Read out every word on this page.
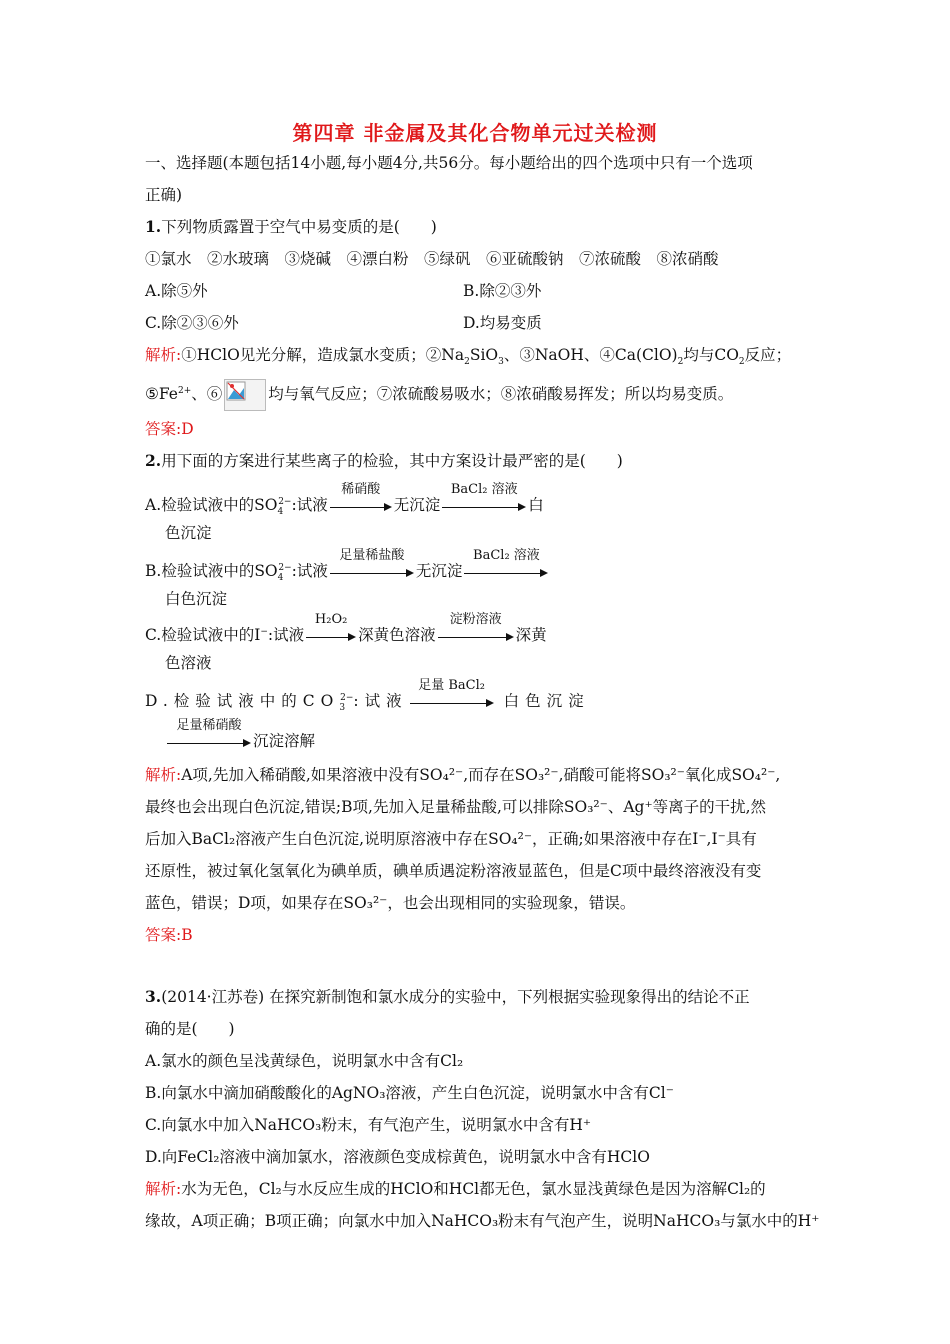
第四章 非金属及其化合物单元过关检测
一、选择题(本题包括14小题,每小题4分,共56分。每小题给出的四个选项中只有一个选项
正确)
1.下列物质露置于空气中易变质的是(　　)
①氯水　②水玻璃　③烧碱　④漂白粉　⑤绿矾　⑥亚硫酸钠　⑦浓硫酸　⑧浓硝酸
A.除⑤外	B.除②③外
C.除②③⑥外	D.均易变质
解析:①HClO见光分解，造成氯水变质；$②Na_2SiO_3$、③NaOH、$④Ca(ClO)_2$均与$CO_2$反应；
$⑤Fe^{2+}$、⑥	均与氧气反应；⑦浓硫酸易吸水；⑧浓硝酸易挥发；所以均易变质。
答案:D
2.用下面的方案进行某些离子的检验，其中方案设计最严密的是(　　)
A.检验试液中的$SO_4^{2-}$:试液
稀硝酸
无沉淀
BaCl₂ 溶液
白
色沉淀
B.检验试液中的$SO_4^{2-}$:试液
足量稀盐酸
无沉淀
BaCl₂ 溶液
白色沉淀
C.检验试液中的I−:试液
H₂O₂
深黄色溶液
淀粉溶液
深黄
色溶液
D.检验试液中的$CO_3^{2-}$:试液
足量 BaCl₂
白色沉淀
足量稀硝酸
沉淀溶解
解析:A项,先加入稀硝酸,如果溶液中没有SO₄²⁻,而存在SO₃²⁻,硝酸可能将SO₃²⁻氧化成SO₄²⁻,
最终也会出现白色沉淀,错误;B项,先加入足量稀盐酸,可以排除SO₃²⁻、Ag⁺等离子的干扰,然
后加入BaCl₂溶液产生白色沉淀,说明原溶液中存在SO₄²⁻，正确;如果溶液中存在I⁻,I⁻具有
还原性，被过氧化氢氧化为碘单质，碘单质遇淀粉溶液显蓝色，但是C项中最终溶液没有变
蓝色，错误；D项，如果存在SO₃²⁻，也会出现相同的实验现象，错误。
答案:B
3.(2014·江苏卷) 在探究新制饱和氯水成分的实验中，下列根据实验现象得出的结论不正
确的是(　　)
A.氯水的颜色呈浅黄绿色，说明氯水中含有Cl₂
B.向氯水中滴加硝酸酸化的AgNO₃溶液，产生白色沉淀，说明氯水中含有Cl⁻
C.向氯水中加入NaHCO₃粉末，有气泡产生，说明氯水中含有H⁺
D.向FeCl₂溶液中滴加氯水，溶液颜色变成棕黄色，说明氯水中含有HClO
解析:水为无色，Cl₂与水反应生成的HClO和HCl都无色，氯水显浅黄绿色是因为溶解Cl₂的
缘故，A项正确；B项正确；向氯水中加入NaHCO₃粉末有气泡产生，说明NaHCO₃与氯水中的H⁺
